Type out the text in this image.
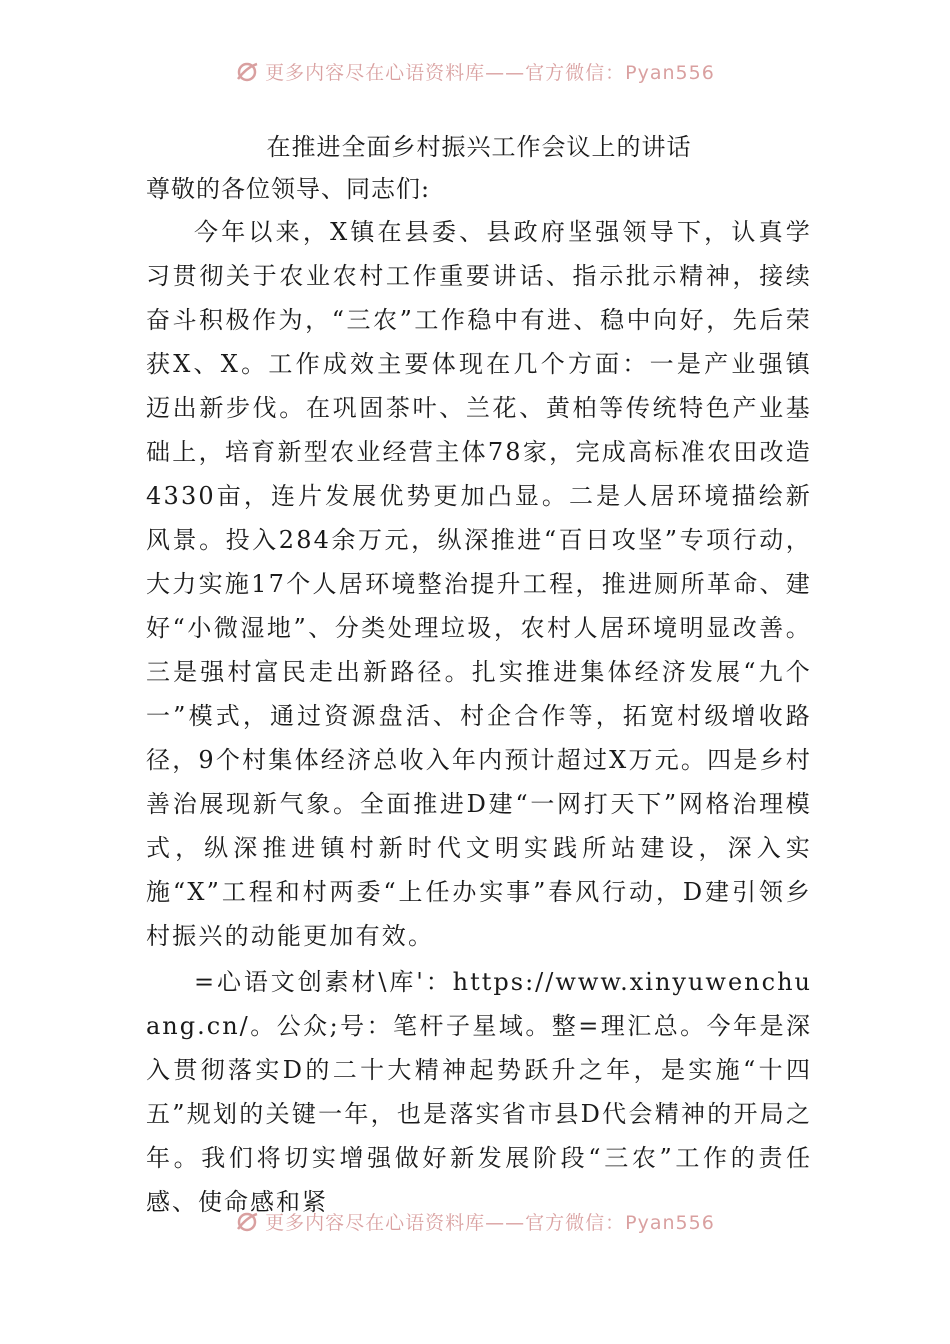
更多内容尽在心语资料库——官方微信：Pyan556
在推进全面乡村振兴工作会议上的讲话

尊敬的各位领导、同志们:

今年以来，X镇在县委、县政府坚强领导下，认真学习贯彻关于农业农村工作重要讲话、指示批示精神，接续奋斗积极作为，“三农”工作稳中有进、稳中向好，先后荣获X、X。工作成效主要体现在几个方面：一是产业强镇迈出新步伐。在巩固茶叶、兰花、黄柏等传统特色产业基础上，培育新型农业经营主体78家，完成高标准农田改造4330亩，连片发展优势更加凸显。二是人居环境描绘新风景。投入284余万元，纵深推进“百日攻坚”专项行动，大力实施17个人居环境整治提升工程，推进厕所革命、建好“小微湿地”、分类处理垃圾，农村人居环境明显改善。三是强村富民走出新路径。扎实推进集体经济发展“九个一”模式，通过资源盘活、村企合作等，拓宽村级增收路径，9个村集体经济总收入年内预计超过X万元。四是乡村善治展现新气象。全面推进D建“一网打天下”网格治理模式，纵深推进镇村新时代文明实践所站建设，深入实施“X”工程和村两委“上任办实事”春风行动，D建引领乡村振兴的动能更加有效。

=心语文创素材\库'：https://www.xinyuwenchuang.cn/。公众;号：笔杆子星域。整=理汇总。今年是深入贯彻落实D的二十大精神起势跃升之年，是实施“十四五”规划的关键一年，也是落实省市县D代会精神的开局之年。我们将切实增强做好新发展阶段“三农”工作的责任感、使命感和紧

更多内容尽在心语资料库——官方微信：Pyan556
